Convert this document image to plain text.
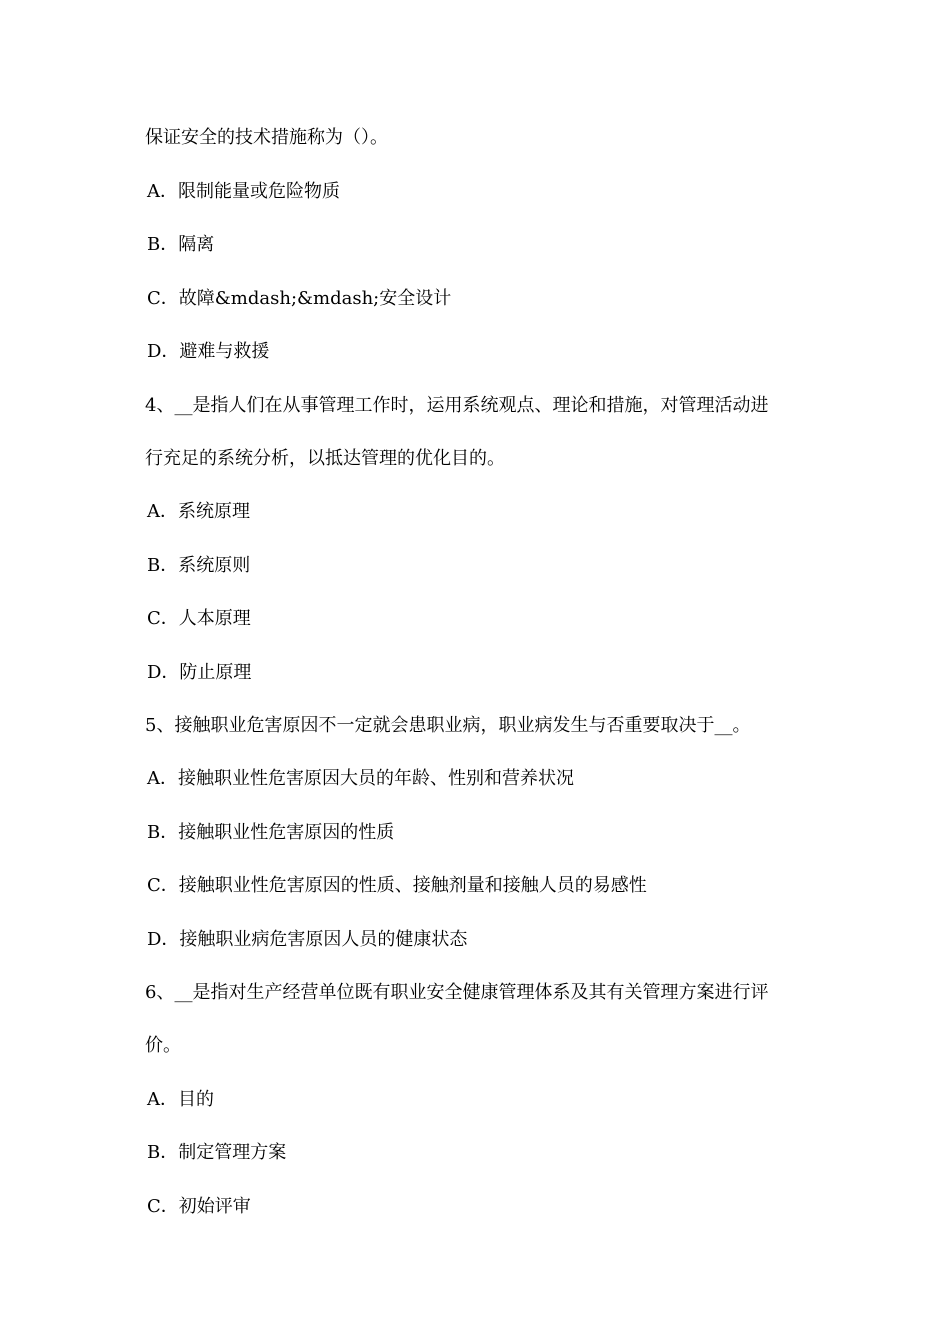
保证安全的技术措施称为（）。
A．限制能量或危险物质
B．隔离
C．故障&mdash;&mdash;安全设计
D．避难与救援
4、__是指人们在从事管理工作时，运用系统观点、理论和措施，对管理活动进
行充足的系统分析，以抵达管理的优化目的。
A．系统原理
B．系统原则
C．人本原理
D．防止原理
5、接触职业危害原因不一定就会患职业病，职业病发生与否重要取决于__。
A．接触职业性危害原因大员的年龄、性别和营养状况
B．接触职业性危害原因的性质
C．接触职业性危害原因的性质、接触剂量和接触人员的易感性
D．接触职业病危害原因人员的健康状态
6、__是指对生产经营单位既有职业安全健康管理体系及其有关管理方案进行评
价。
A．目的
B．制定管理方案
C．初始评审
